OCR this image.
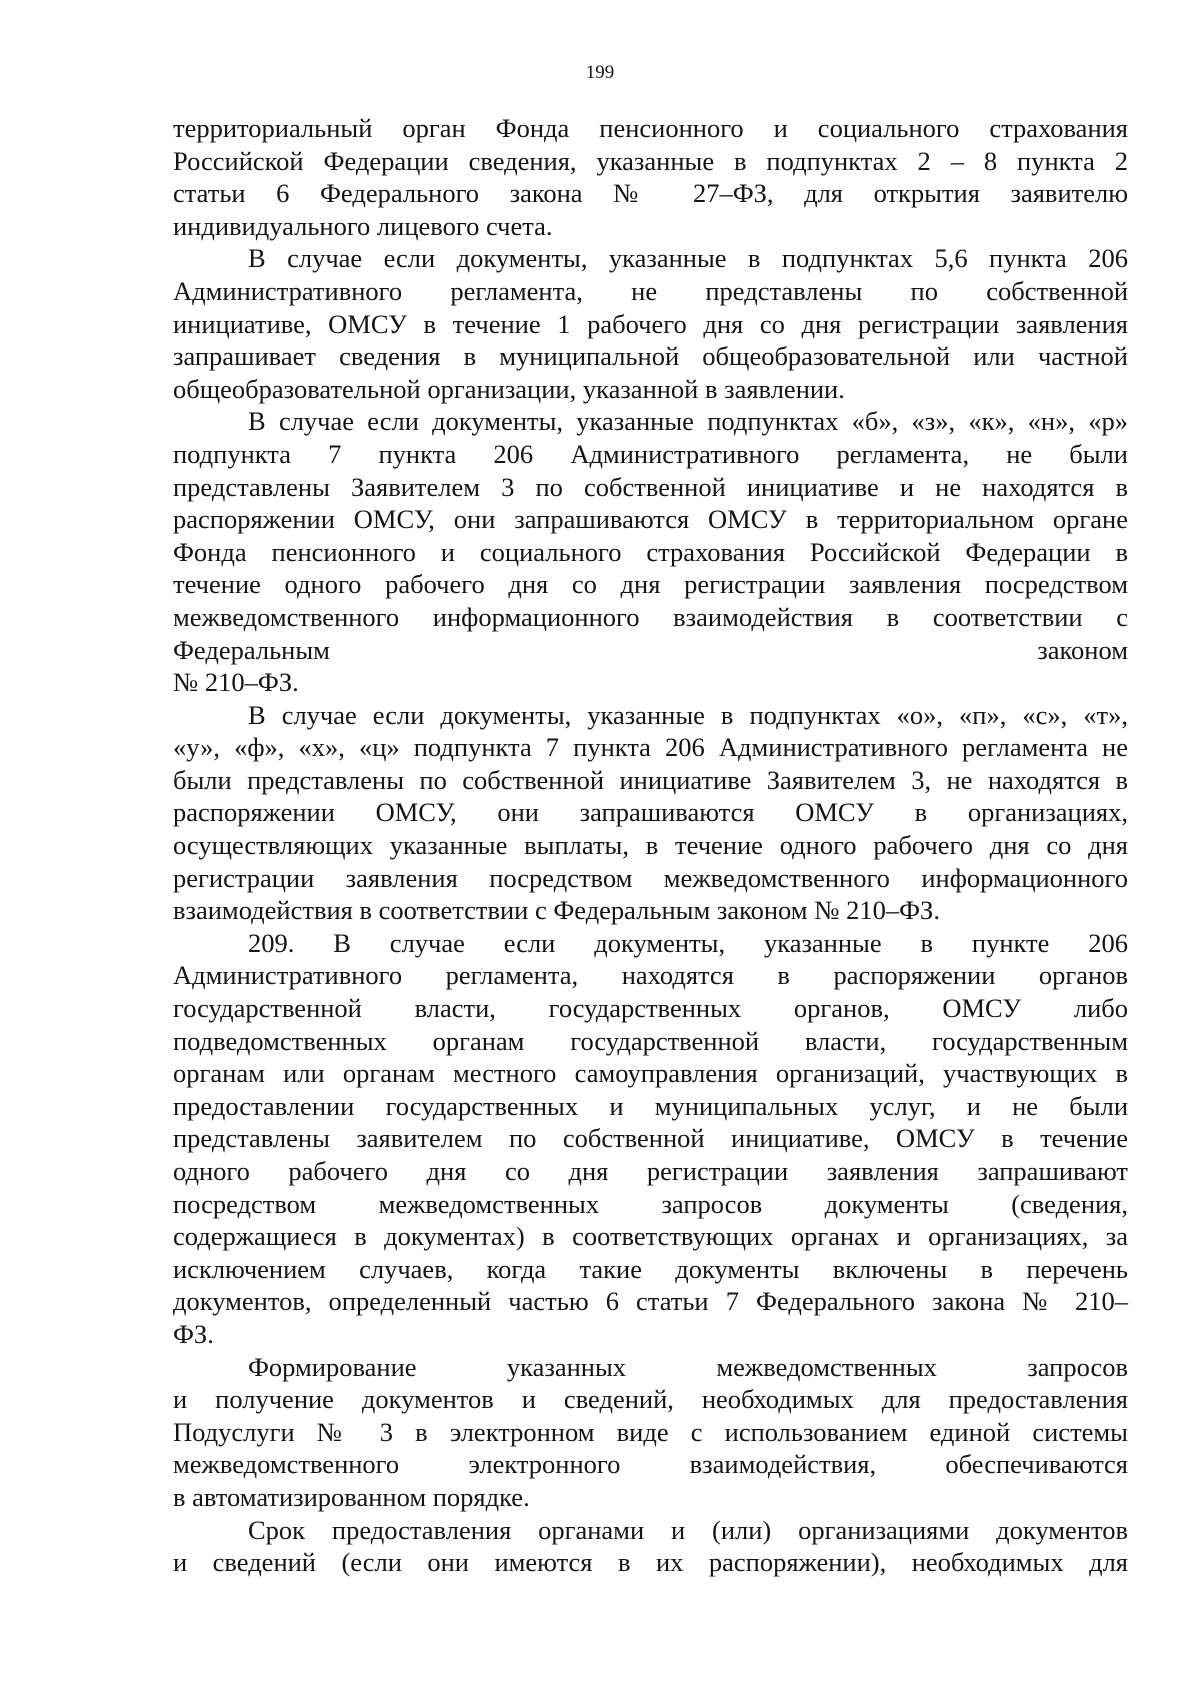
199
территориальный орган Фонда пенсионного и социального страхования
Российской Федерации сведения, указанные в подпунктах 2 – 8 пункта 2
статьи 6 Федерального закона № 27–ФЗ, для открытия заявителю
индивидуального лицевого счета.
В случае если документы, указанные в подпунктах 5,6 пункта 206
Административного регламента, не представлены по собственной
инициативе, ОМСУ в течение 1 рабочего дня со дня регистрации заявления
запрашивает сведения в муниципальной общеобразовательной или частной
общеобразовательной организации, указанной в заявлении.
В случае если документы, указанные подпунктах «б», «з», «к», «н», «р»
подпункта 7 пункта 206 Административного регламента, не были
представлены Заявителем 3 по собственной инициативе и не находятся в
распоряжении ОМСУ, они запрашиваются ОМСУ в территориальном органе
Фонда пенсионного и социального страхования Российской Федерации в
течение одного рабочего дня со дня регистрации заявления посредством
межведомственного информационного взаимодействия в соответствии с
Федеральным законом
№ 210–ФЗ.
В случае если документы, указанные в подпунктах «о», «п», «с», «т»,
«у», «ф», «х», «ц» подпункта 7 пункта 206 Административного регламента не
были представлены по собственной инициативе Заявителем 3, не находятся в
распоряжении ОМСУ, они запрашиваются ОМСУ в организациях,
осуществляющих указанные выплаты, в течение одного рабочего дня со дня
регистрации заявления посредством межведомственного информационного
взаимодействия в соответствии с Федеральным законом № 210–ФЗ.
209. В случае если документы, указанные в пункте 206
Административного регламента, находятся в распоряжении органов
государственной власти, государственных органов, ОМСУ либо
подведомственных органам государственной власти, государственным
органам или органам местного самоуправления организаций, участвующих в
предоставлении государственных и муниципальных услуг, и не были
представлены заявителем по собственной инициативе, ОМСУ в течение
одного рабочего дня со дня регистрации заявления запрашивают
посредством межведомственных запросов документы (сведения,
содержащиеся в документах) в соответствующих органах и организациях, за
исключением случаев, когда такие документы включены в перечень
документов, определенный частью 6 статьи 7 Федерального закона № 210–
ФЗ.
Формирование указанных межведомственных запросов
и получение документов и сведений, необходимых для предоставления
Подуслуги № 3 в электронном виде с использованием единой системы
межведомственного электронного взаимодействия, обеспечиваются
в автоматизированном порядке.
Срок предоставления органами и (или) организациями документов
и сведений (если они имеются в их распоряжении), необходимых для
